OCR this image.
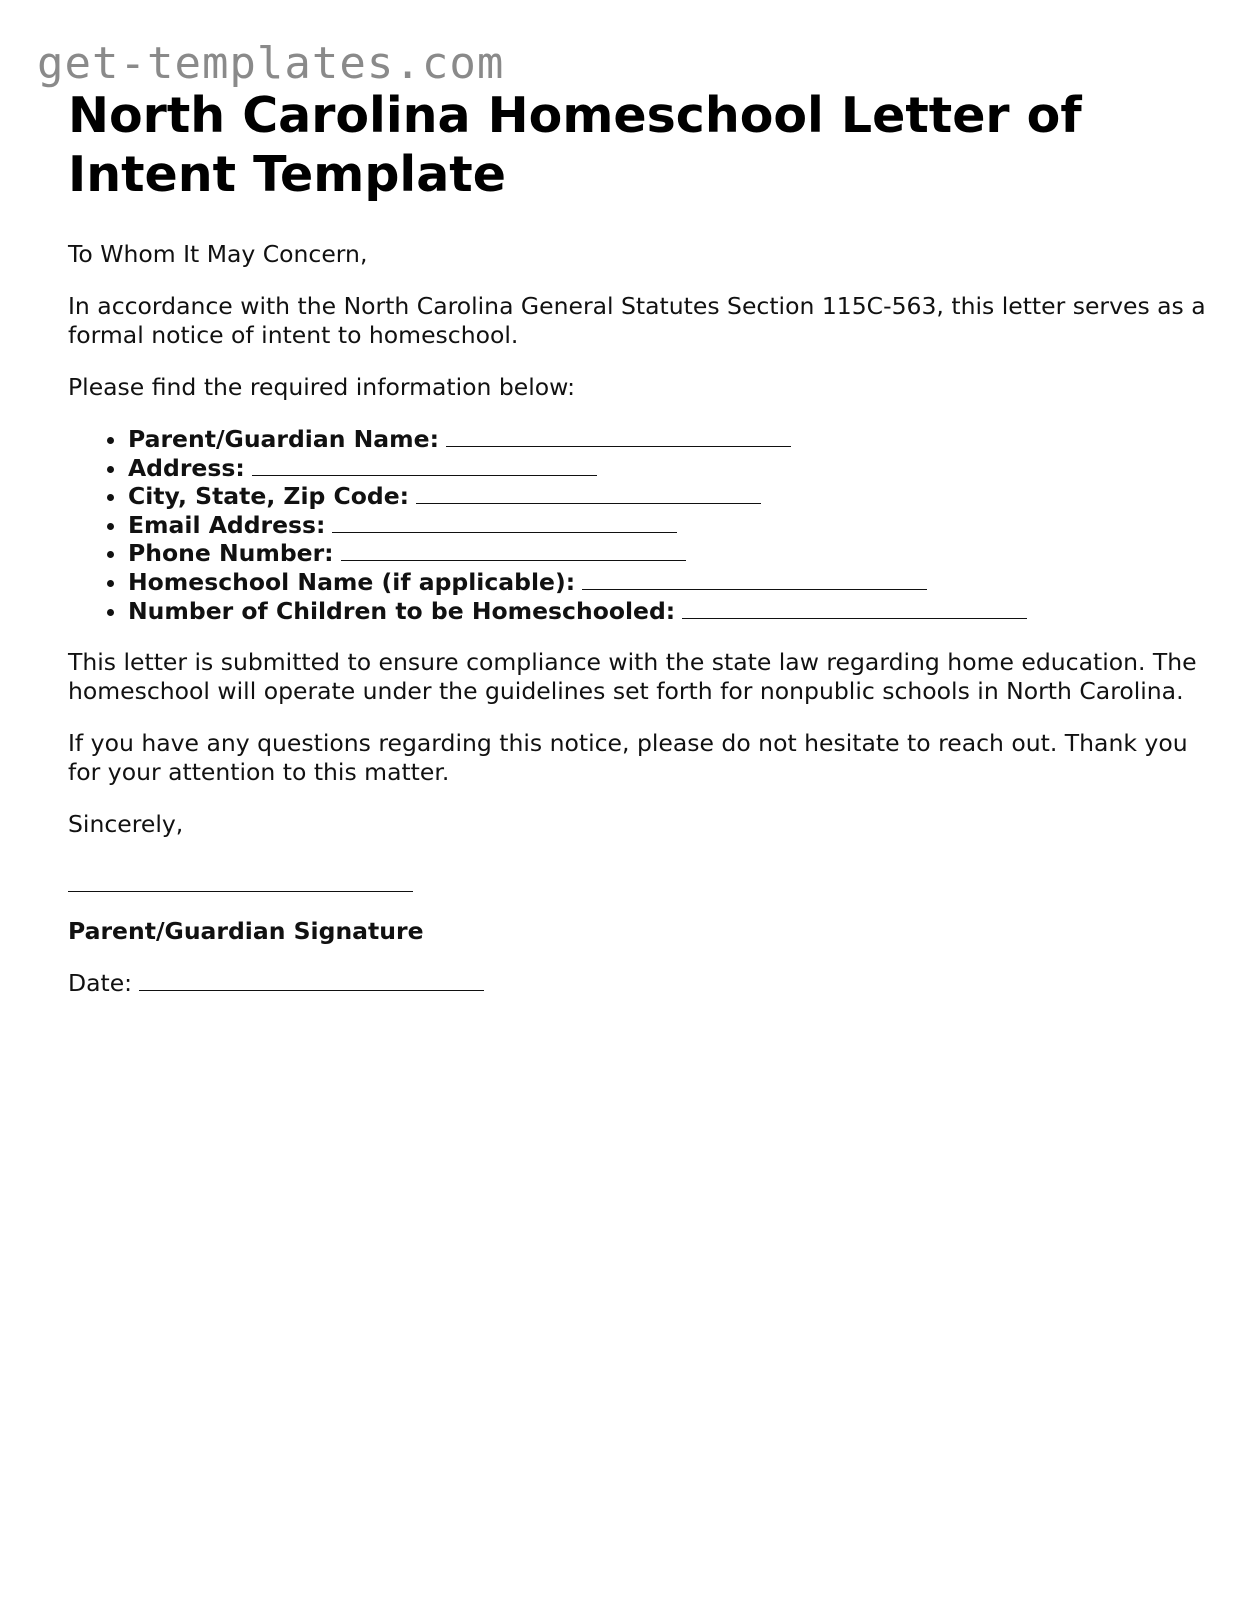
get-templates.com
North Carolina Homeschool Letter of Intent Template

To Whom It May Concern,

In accordance with the North Carolina General Statutes Section 115C-563, this letter serves as a formal notice of intent to homeschool.

Please find the required information below:

• Parent/Guardian Name:
• Address:
• City, State, Zip Code:
• Email Address:
• Phone Number:
• Homeschool Name (if applicable):
• Number of Children to be Homeschooled:

This letter is submitted to ensure compliance with the state law regarding home education. The homeschool will operate under the guidelines set forth for nonpublic schools in North Carolina.

If you have any questions regarding this notice, please do not hesitate to reach out. Thank you for your attention to this matter.

Sincerely,

Parent/Guardian Signature

Date:
